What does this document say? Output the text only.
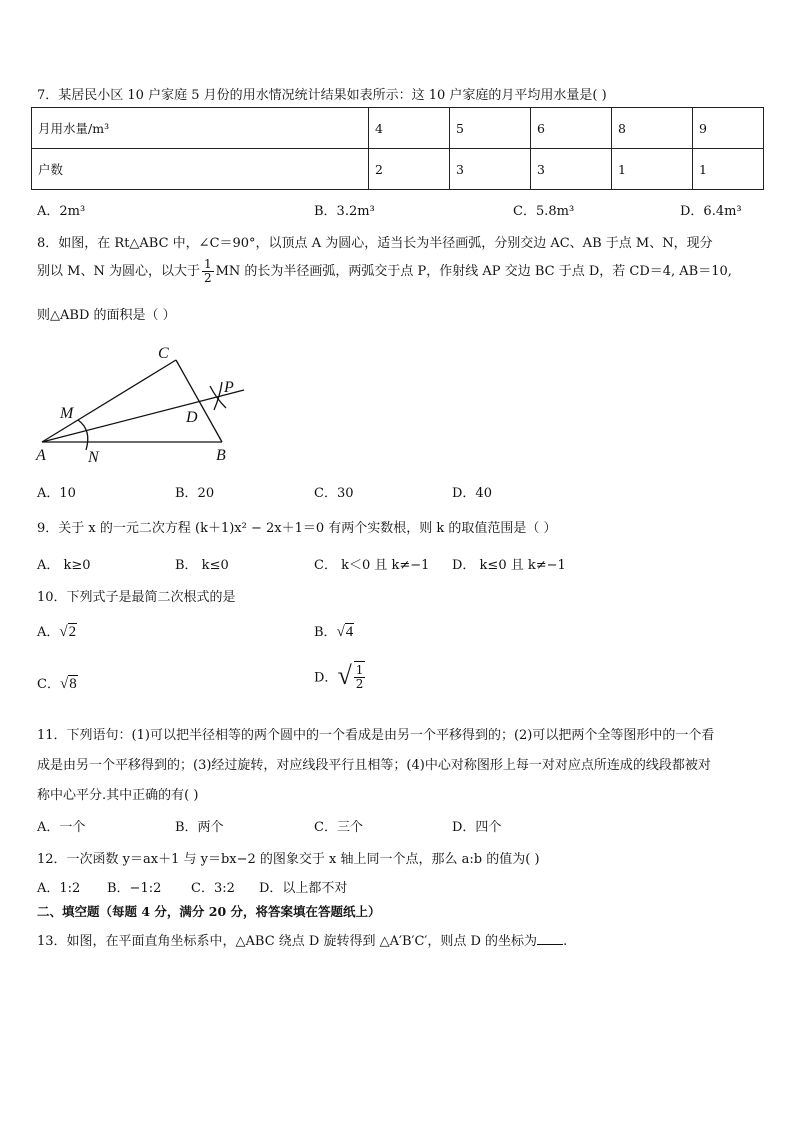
7．某居民小区 10 户家庭 5 月份的用水情况统计结果如表所示：这 10 户家庭的月平均用水量是( )
月用水量/m³	4	5	6	8	9
户数	2	3	3	1	1
A．2m³	B．3.2m³	C．5.8m³	D．6.4m³
8．如图，在 Rt△ABC 中，∠C＝90°，以顶点 A 为圆心，适当长为半径画弧，分别交边 AC、AB 于点 M、N，现分
别以 M、N 为圆心，以大于 $\frac{1}{2}$ MN 的长为半径画弧，两弧交于点 P，作射线 AP 交边 BC 于点 D，若 CD＝4, AB＝10,
则△ABD 的面积是（ ）
C
P
D
M
A	N	B
A．10	B．20	C．30	D．40
9．关于 x 的一元二次方程 (k＋1)x² − 2x＋1＝0 有两个实数根，则 k 的取值范围是（ ）
A． k≥0	B． k≤0	C． k＜0 且 k≠−1 D． k≤0 且 k≠−1
10．下列式子是最简二次根式的是
A．√2	B．√4
C．√8	D．√ $\frac{1}{2}$
11．下列语句：(1)可以把半径相等的两个圆中的一个看成是由另一个平移得到的；(2)可以把两个全等图形中的一个看
成是由另一个平移得到的；(3)经过旋转，对应线段平行且相等；(4)中心对称图形上每一对对应点所连成的线段都被对
称中心平分.其中正确的有( )
A．一个	B．两个	C．三个	D．四个
12．一次函数 y＝ax＋1 与 y＝bx−2 的图象交于 x 轴上同一个点，那么 a:b 的值为( )
A．1:2 B．−1:2 C．3:2 D．以上都不对
二、填空题（每题 4 分，满分 20 分，将答案填在答题纸上）
13．如图，在平面直角坐标系中，△ABC 绕点 D 旋转得到 △A′B′C′，则点 D 的坐标为 .
